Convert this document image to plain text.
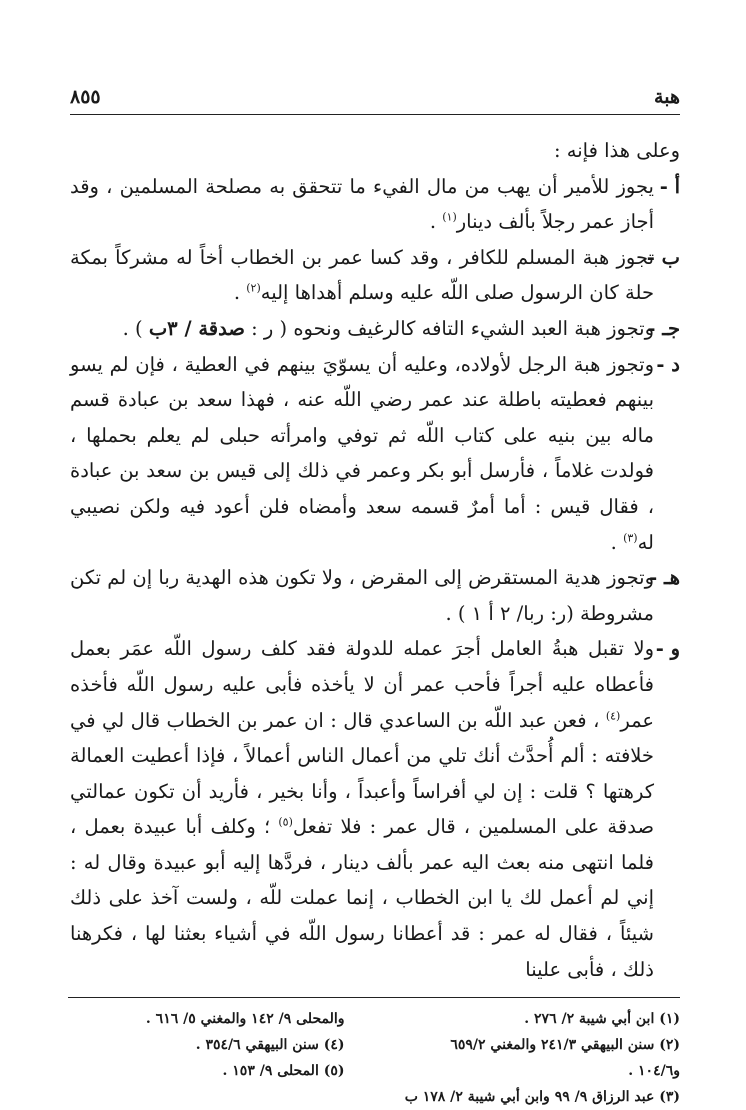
هبة
٨٥٥

وعلى هذا فإنه :

أ -
يجوز للأمير أن يهب من مال الفيء ما تتحقق به مصلحة المسلمين ، وقد أجاز عمر رجلاً بألف دينار$^{(١)}$ .
ب -
تجوز هبة المسلم للكافر ، وقد كسا عمر بن الخطاب أخاً له مشركاً بمكة حلة كان الرسول صلى اللّه عليه وسلم أهداها إليه$^{(٢)}$ .
جـ -
وتجوز هبة العبد الشيء التافه كالرغيف ونحوه ( ر : صدقة / ٣ب ) .
د -
وتجوز هبة الرجل لأولاده، وعليه أن يسوّيَ بينهم في العطية ، فإن لم يسو بينهم فعطيته باطلة عند عمر رضي اللّه عنه ، فهذا سعد بن عبادة قسم ماله بين بنيه على كتاب اللّه ثم توفي وامرأته حبلى لم يعلم بحملها ، فولدت غلاماً ، فأرسل أبو بكر وعمر في ذلك إلى قيس بن سعد بن عبادة ، فقال قيس : أما أمرٌ قسمه سعد وأمضاه فلن أعود فيه ولكن نصيبي له$^{(٣)}$ .
هـ -
وتجوز هدية المستقرض إلى المقرض ، ولا تكون هذه الهدية ربا إن لم تكن مشروطة (ر: ربا/ ٢ أ ١ ) .
و -
ولا تقبل هبةُ العامل أجرَ عمله للدولة فقد كلف رسول اللّه عمَر بعمل فأعطاه عليه أجراً فأحب عمر أن لا يأخذه فأبى عليه رسول اللّه فأخذه عمر$^{(٤)}$ ، فعن عبد اللّه بن الساعدي قال : ان عمر بن الخطاب قال لي في خلافته : ألم أُحدَّث أنك تلي من أعمال الناس أعمالاً ، فإذا أعطيت العمالة كرهتها ؟ قلت : إن لي أفراساً وأعبداً ، وأنا بخير ، فأريد أن تكون عمالتي صدقة على المسلمين ، قال عمر : فلا تفعل$^{(٥)}$ ؛ وكلف أبا عبيدة بعمل ، فلما انتهى منه بعث اليه عمر بألف دينار ، فردَّها إليه أبو عبيدة وقال له : إني لم أعمل لك يا ابن الخطاب ، إنما عملت للّه ، ولست آخذ على ذلك شيئاً ، فقال له عمر : قد أعطانا رسول اللّه في أشياء بعثنا لها ، فكرهنا ذلك ، فأبى علينا
(١) ابن أبي شيبة ٢/ ٢٧٦ .
والمحلى ٩/ ١٤٢ والمغني ٥/ ٦١٦ .
(٢) سنن البيهقي ٢٤١/٣ والمغني ٦٥٩/٢
(٤) سنن البيهقي ٣٥٤/٦ .
و١٠٤/٦ .
(٥) المحلى ٩/ ١٥٣ .
(٣) عبد الرزاق ٩/ ٩٩ وابن أبي شيبة ٢/ ١٧٨ ب
